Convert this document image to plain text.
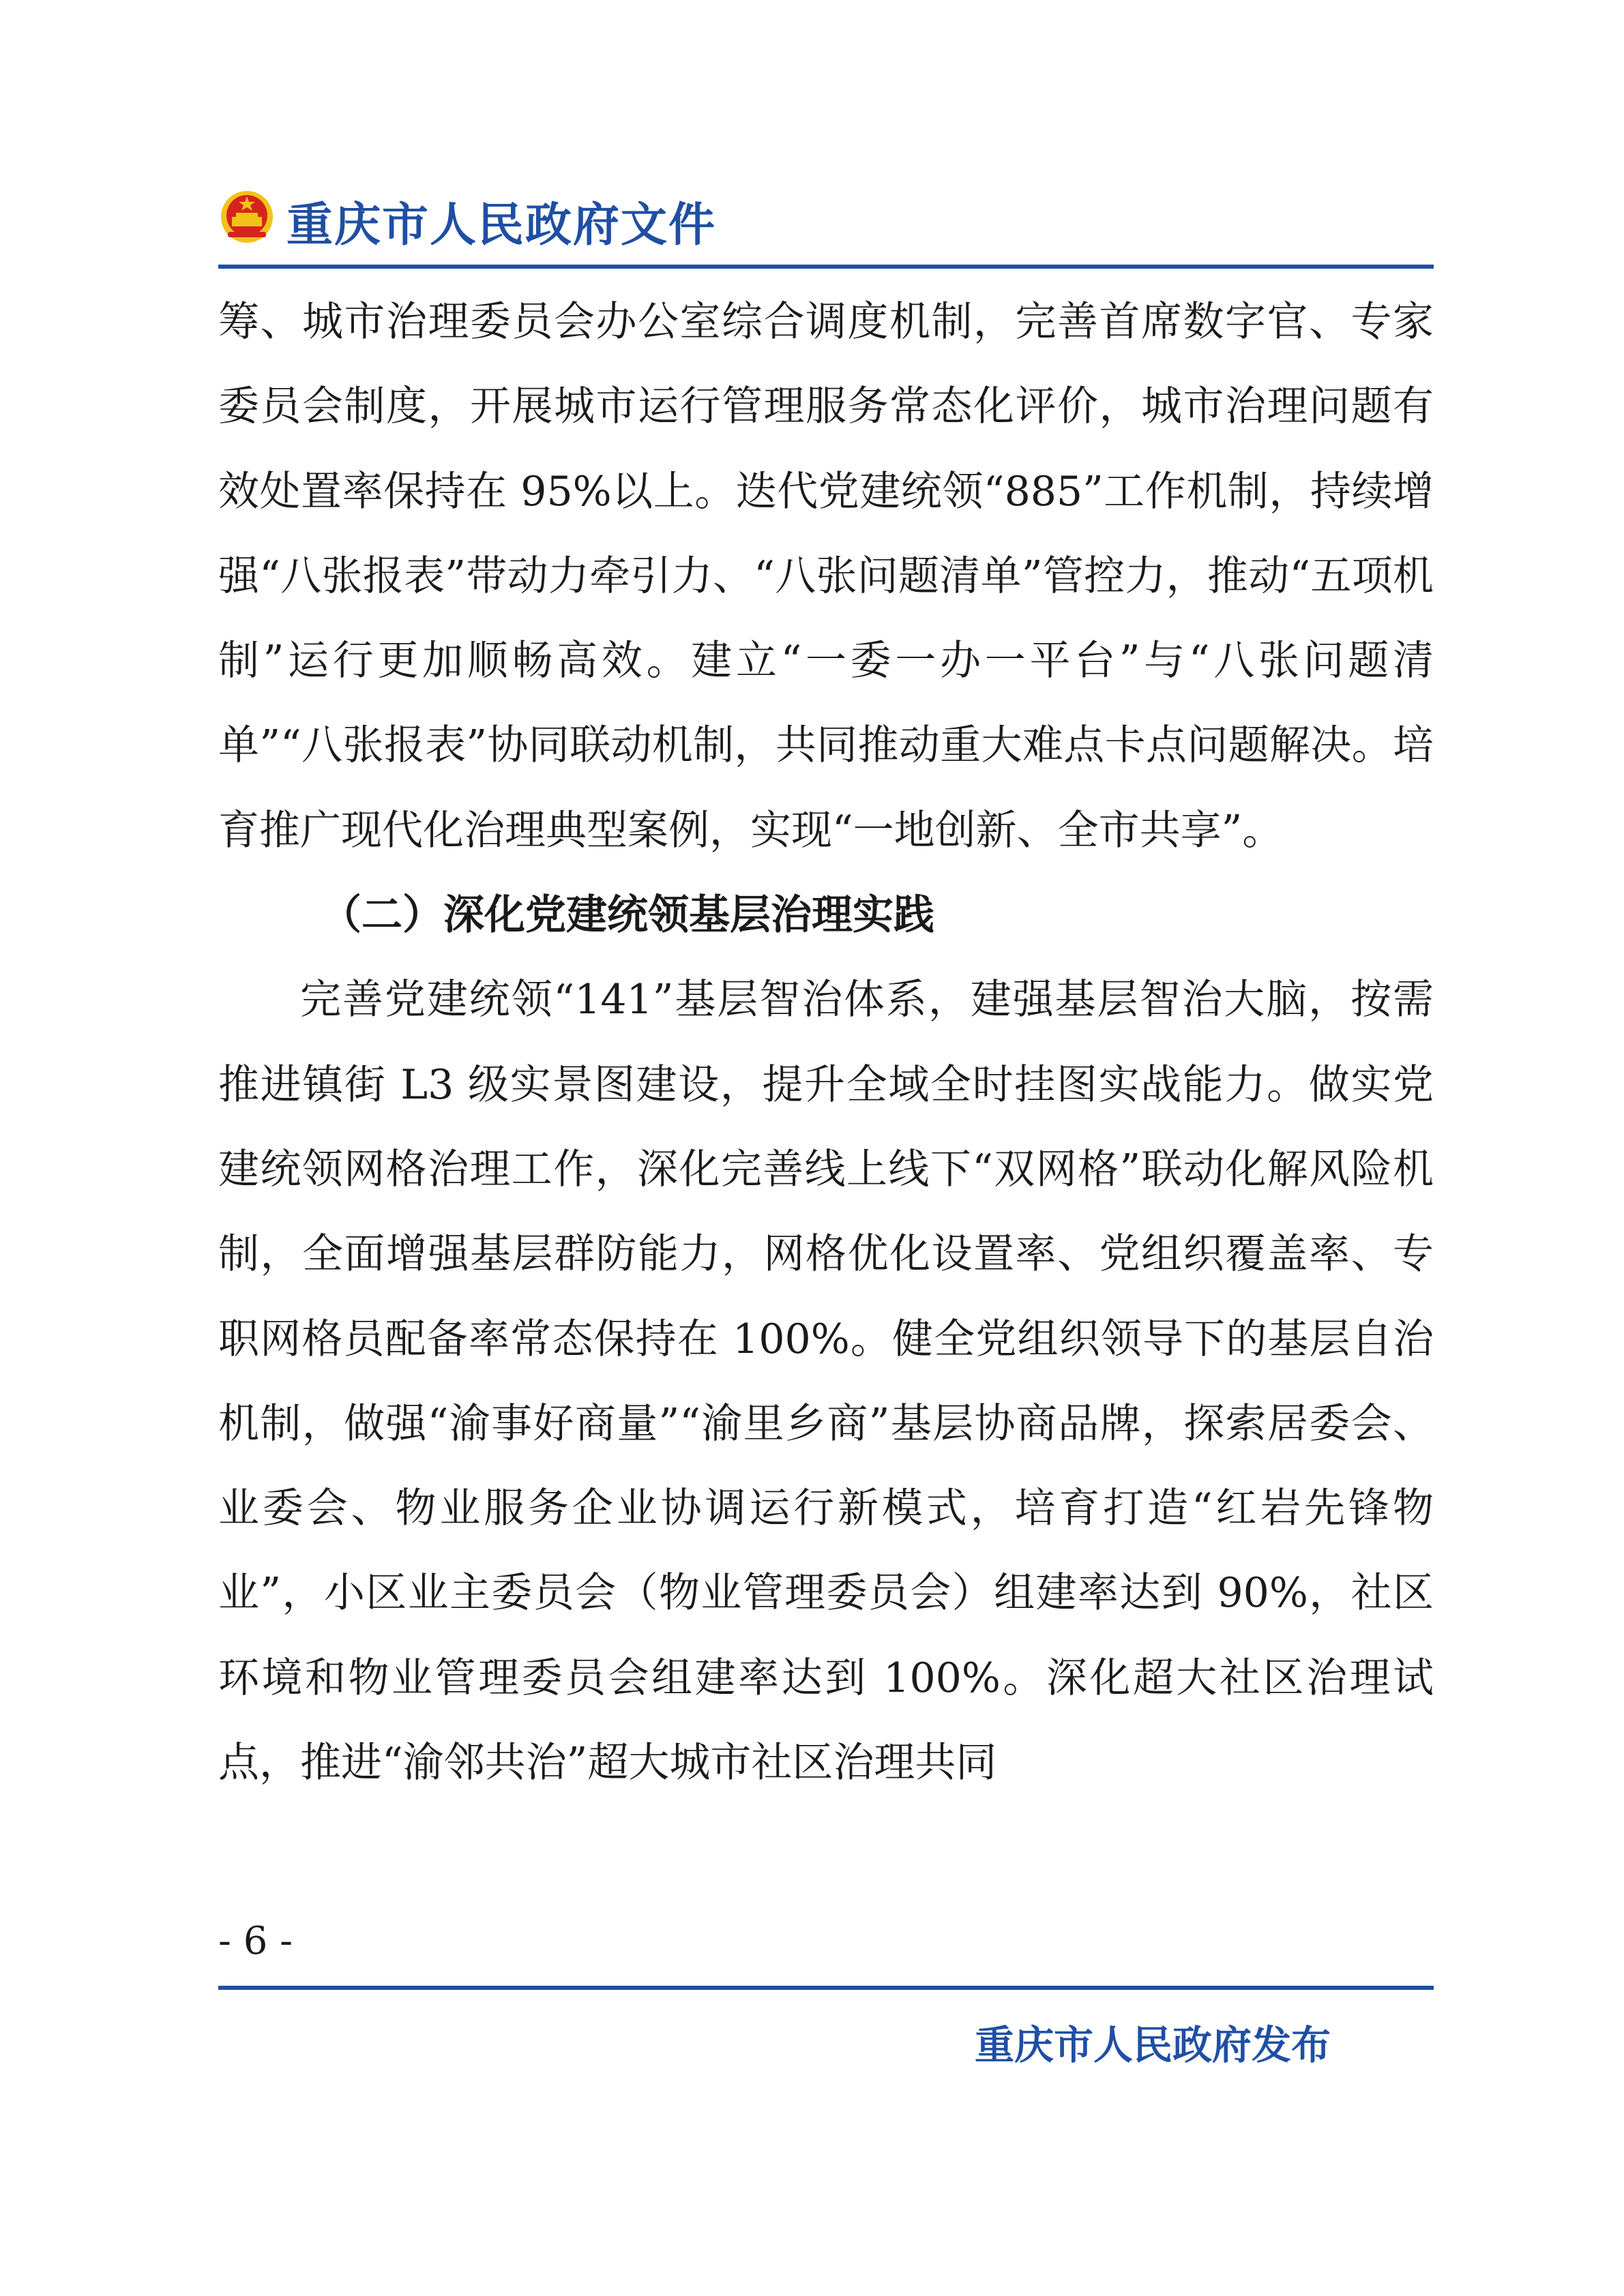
重庆市人民政府文件

筹、城市治理委员会办公室综合调度机制，完善首席数字官、专家委员会制度，开展城市运行管理服务常态化评价，城市治理问题有效处置率保持在 95%以上。迭代党建统领“885”工作机制，持续增强“八张报表”带动力牵引力、“八张问题清单”管控力，推动“五项机制”运行更加顺畅高效。建立“一委一办一平台”与“八张问题清单”“八张报表”协同联动机制，共同推动重大难点卡点问题解决。培育推广现代化治理典型案例，实现“一地创新、全市共享”。

（二）深化党建统领基层治理实践

完善党建统领“141”基层智治体系，建强基层智治大脑，按需推进镇街 L3 级实景图建设，提升全域全时挂图实战能力。做实党建统领网格治理工作，深化完善线上线下“双网格”联动化解风险机制，全面增强基层群防能力，网格优化设置率、党组织覆盖率、专职网格员配备率常态保持在 100%。健全党组织领导下的基层自治机制，做强“渝事好商量”“渝里乡商”基层协商品牌，探索居委会、业委会、物业服务企业协调运行新模式，培育打造“红岩先锋物业”，小区业主委员会（物业管理委员会）组建率达到 90%，社区环境和物业管理委员会组建率达到 100%。深化超大社区治理试点，推进“渝邻共治”超大城市社区治理共同

- 6 -
重庆市人民政府发布
